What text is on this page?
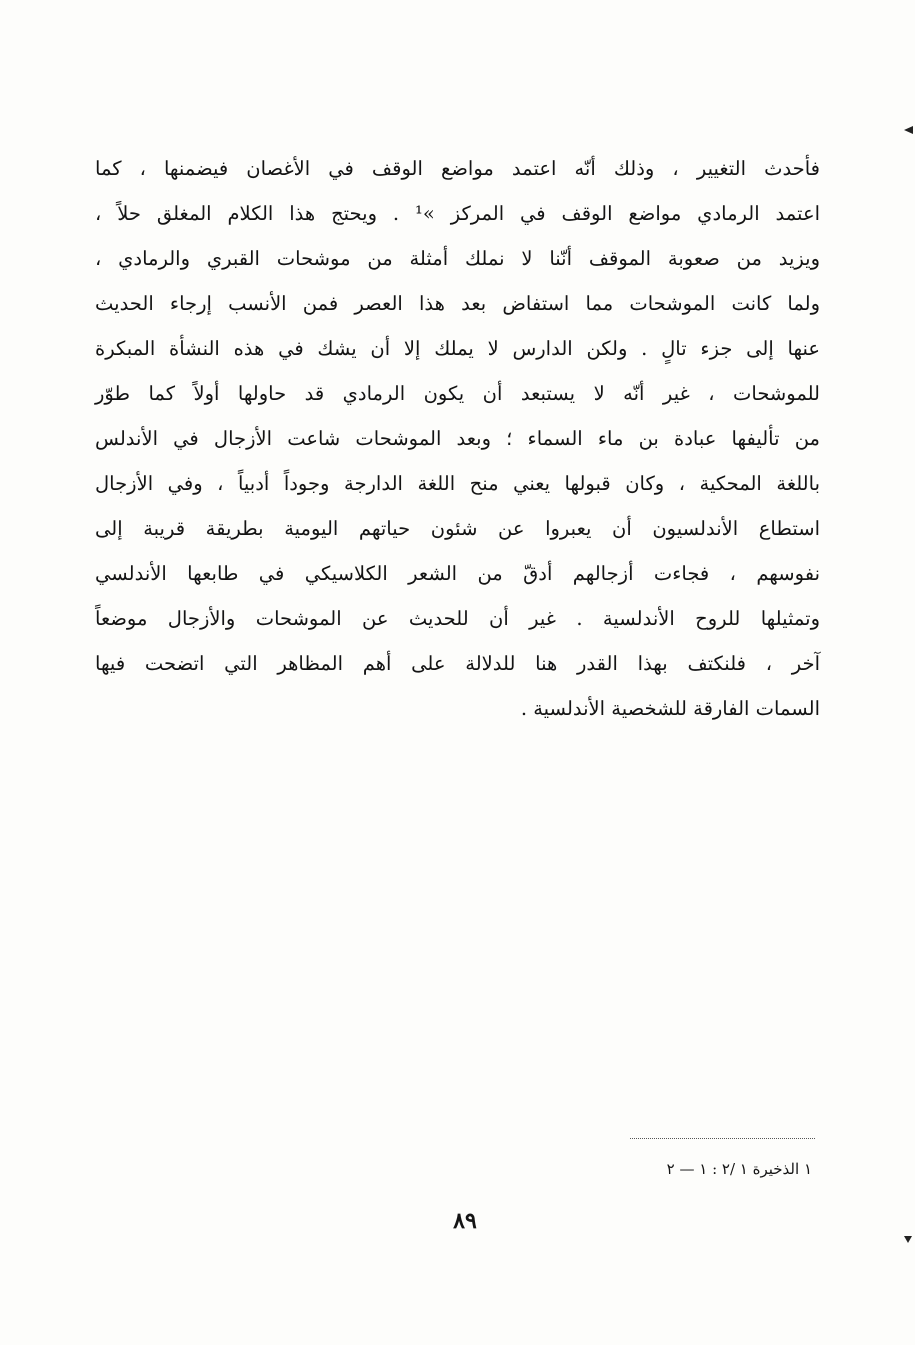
فأحدث التغيير ، وذلك أنّه اعتمد مواضع الوقف في الأغصان فيضمنها ، كما
اعتمد الرمادي مواضع الوقف في المركز »¹ . ويحتج هذا الكلام المغلق حلاً ،
ويزيد من صعوبة الموقف أنّنا لا نملك أمثلة من موشحات القبري والرمادي ،
ولما كانت الموشحات مما استفاض بعد هذا العصر فمن الأنسب إرجاء الحديث
عنها إلى جزء تالٍ . ولكن الدارس لا يملك إلا أن يشك في هذه النشأة المبكرة
للموشحات ، غير أنّه لا يستبعد أن يكون الرمادي قد حاولها أولاً كما طوّر
من تأليفها عبادة بن ماء السماء ؛ وبعد الموشحات شاعت الأزجال في الأندلس
باللغة المحكية ، وكان قبولها يعني منح اللغة الدارجة وجوداً أدبياً ، وفي الأزجال
استطاع الأندلسيون أن يعبروا عن شئون حياتهم اليومية بطريقة قريبة إلى
نفوسهم ، فجاءت أزجالهم أدقّ من الشعر الكلاسيكي في طابعها الأندلسي
وتمثيلها للروح الأندلسية . غير أن للحديث عن الموشحات والأزجال موضعاً
آخر ، فلنكتف بهذا القدر هنا للدلالة على أهم المظاهر التي اتضحت فيها
السمات الفارقة للشخصية الأندلسية .
١ الذخيرة ١ /٢ : ١ — ٢
٨٩
